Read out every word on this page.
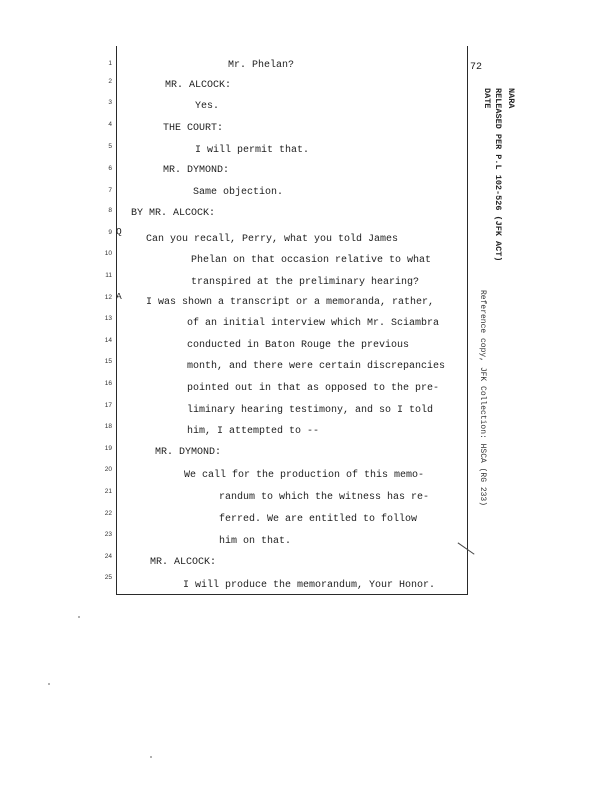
72
RELEASED PER P.L 102-526 (JFK ACT)
DATE NARA
Reference copy, JFK Collection: HSCA (RG 233)
1
2
3
4
5
6
7
8
9
10
11
12
13
14
15
16
17
18
19
20
21
22
23
24
25
Q
A
Mr. Phelan?
MR. ALCOCK:
Yes.
THE COURT:
I will permit that.
MR. DYMOND:
Same objection.
BY MR. ALCOCK:
Can you recall, Perry, what you told James
Phelan on that occasion relative to what
transpired at the preliminary hearing?
I was shown a transcript or a memoranda, rather,
of an initial interview which Mr. Sciambra
conducted in Baton Rouge the previous
month, and there were certain discrepancies
pointed out in that as opposed to the pre-
liminary hearing testimony, and so I told
him, I attempted to --
MR. DYMOND:
We call for the production of this memo-
randum to which the witness has re-
ferred. We are entitled to follow
him on that.
MR. ALCOCK:
I will produce the memorandum, Your Honor.
